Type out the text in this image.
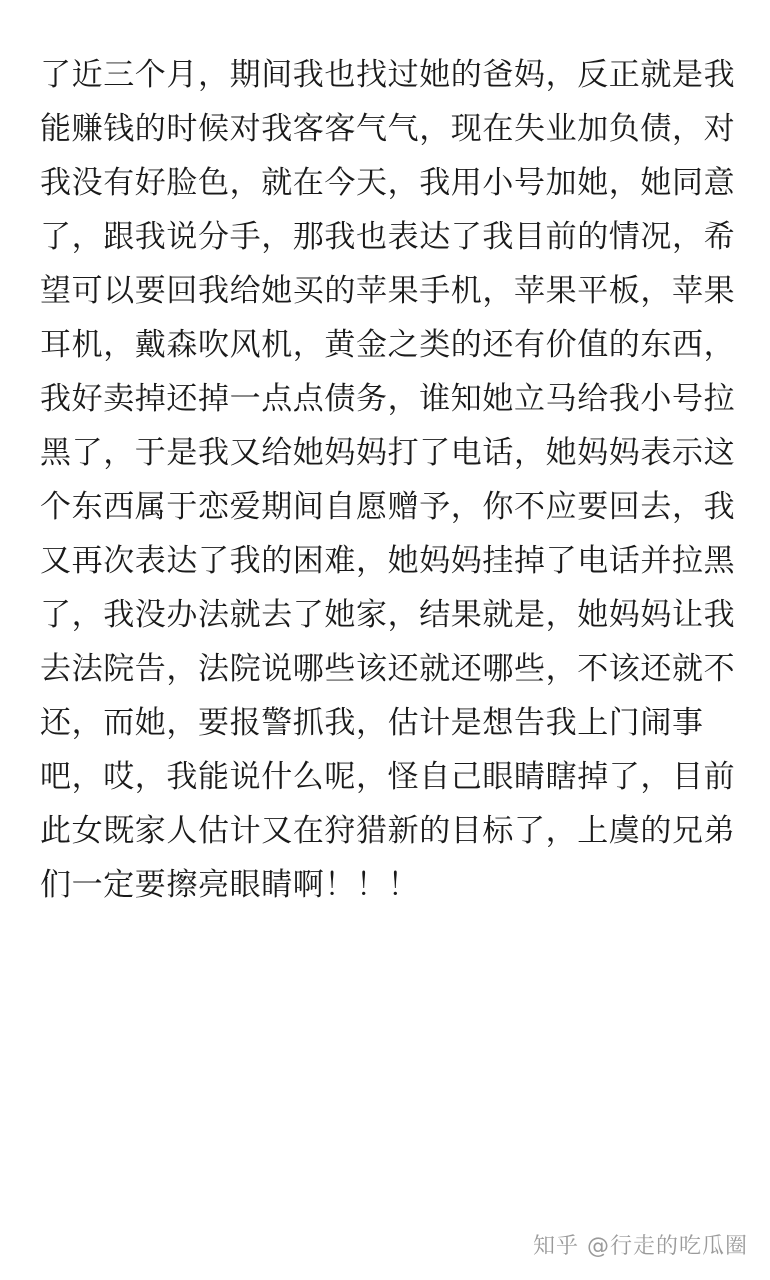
了近三个月，期间我也找过她的爸妈，反正就是我
能赚钱的时候对我客客气气，现在失业加负债，对
我没有好脸色，就在今天，我用小号加她，她同意
了，跟我说分手，那我也表达了我目前的情况，希
望可以要回我给她买的苹果手机，苹果平板，苹果
耳机，戴森吹风机，黄金之类的还有价值的东西，
我好卖掉还掉一点点债务，谁知她立马给我小号拉
黑了，于是我又给她妈妈打了电话，她妈妈表示这
个东西属于恋爱期间自愿赠予，你不应要回去，我
又再次表达了我的困难，她妈妈挂掉了电话并拉黑
了，我没办法就去了她家，结果就是，她妈妈让我
去法院告，法院说哪些该还就还哪些，不该还就不
还，而她，要报警抓我，估计是想告我上门闹事
吧，哎，我能说什么呢，怪自己眼睛瞎掉了，目前
此女既家人估计又在狩猎新的目标了，上虞的兄弟
们一定要擦亮眼睛啊！！！
知乎 @行走的吃瓜圈
